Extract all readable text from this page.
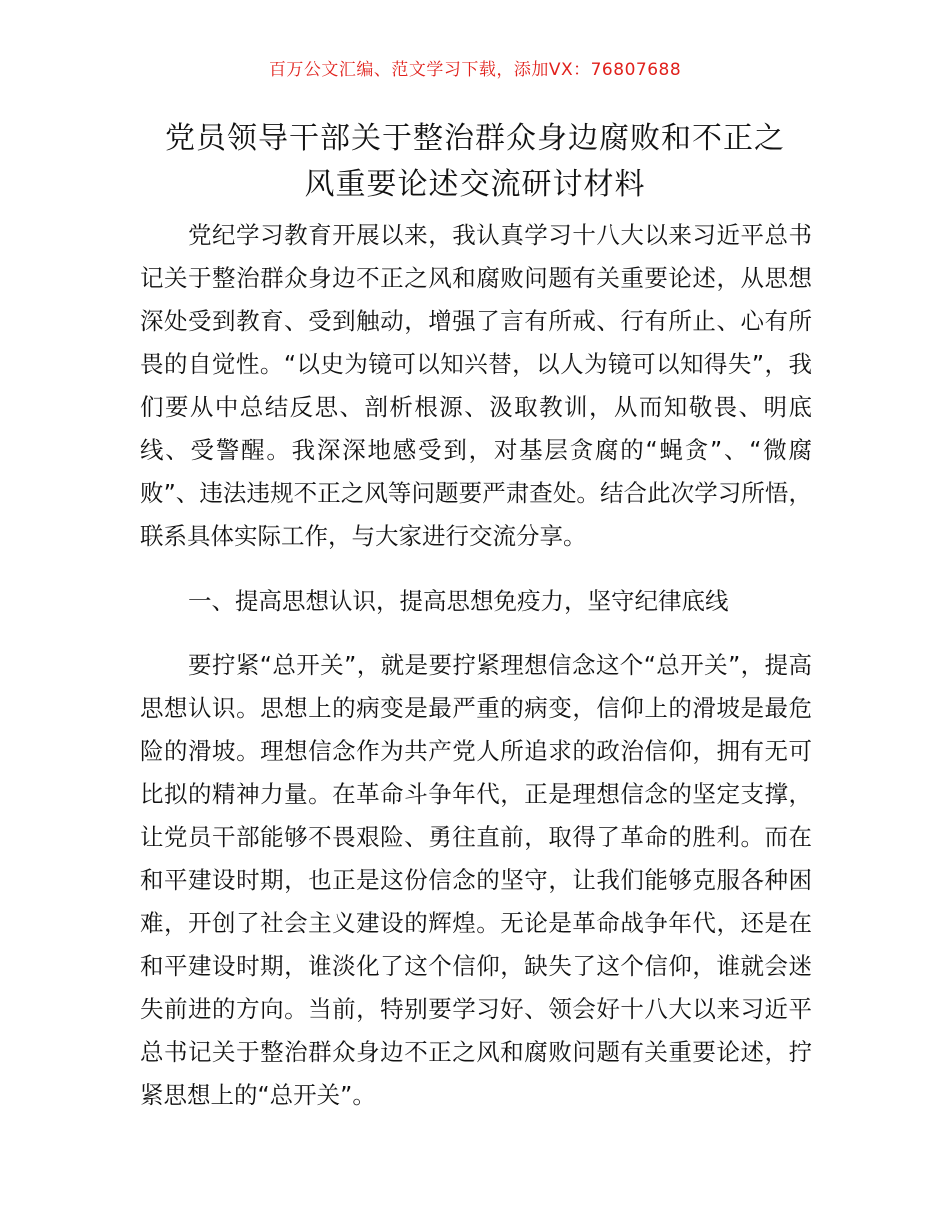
百万公文汇编、范文学习下载，添加VX：76807688
党员领导干部关于整治群众身边腐败和不正之
风重要论述交流研讨材料

党纪学习教育开展以来，我认真学习十八大以来习近平总书记关于整治群众身边不正之风和腐败问题有关重要论述，从思想深处受到教育、受到触动，增强了言有所戒、行有所止、心有所畏的自觉性。“以史为镜可以知兴替，以人为镜可以知得失”，我们要从中总结反思、剖析根源、汲取教训，从而知敬畏、明底线、受警醒。我深深地感受到，对基层贪腐的“蝇贪”、“微腐败”、违法违规不正之风等问题要严肃查处。结合此次学习所悟，联系具体实际工作，与大家进行交流分享。

一、提高思想认识，提高思想免疫力，坚守纪律底线

要拧紧“总开关”，就是要拧紧理想信念这个“总开关”，提高思想认识。思想上的病变是最严重的病变，信仰上的滑坡是最危险的滑坡。理想信念作为共产党人所追求的政治信仰，拥有无可比拟的精神力量。在革命斗争年代，正是理想信念的坚定支撑，让党员干部能够不畏艰险、勇往直前，取得了革命的胜利。而在和平建设时期，也正是这份信念的坚守，让我们能够克服各种困难，开创了社会主义建设的辉煌。无论是革命战争年代，还是在和平建设时期，谁淡化了这个信仰，缺失了这个信仰，谁就会迷失前进的方向。当前，特别要学习好、领会好十八大以来习近平总书记关于整治群众身边不正之风和腐败问题有关重要论述，拧紧思想上的“总开关”。
